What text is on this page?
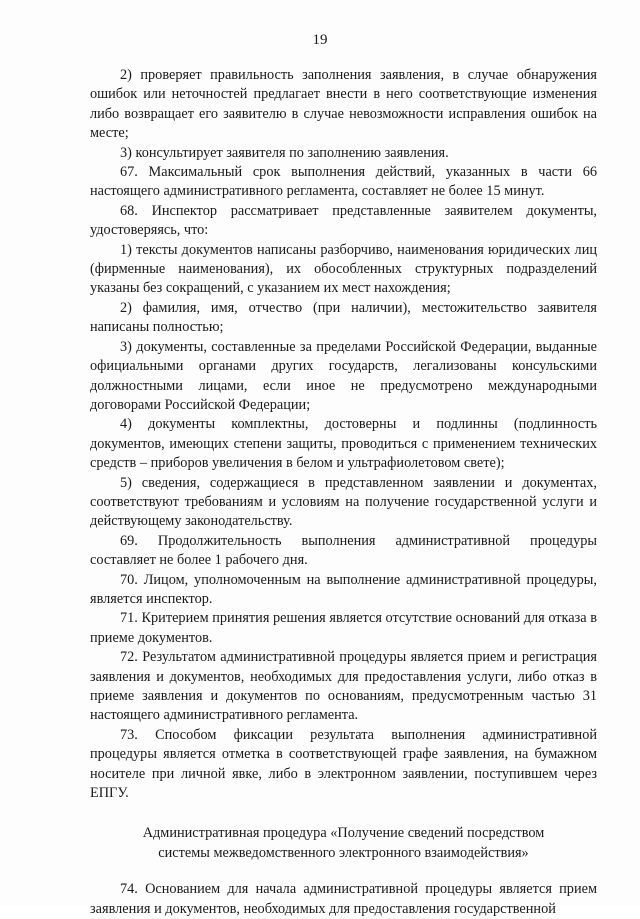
19

2) проверяет правильность заполнения заявления, в случае обнаружения ошибок или неточностей предлагает внести в него соответствующие изменения либо возвращает его заявителю в случае невозможности исправления ошибок на месте;

3) консультирует заявителя по заполнению заявления.

67. Максимальный срок выполнения действий, указанных в части 66 настоящего административного регламента, составляет не более 15 минут.

68. Инспектор рассматривает представленные заявителем документы, удостоверяясь, что:

1) тексты документов написаны разборчиво, наименования юридических лиц (фирменные наименования), их обособленных структурных подразделений указаны без сокращений, с указанием их мест нахождения;

2) фамилия, имя, отчество (при наличии), местожительство заявителя написаны полностью;

3) документы, составленные за пределами Российской Федерации, выданные официальными органами других государств, легализованы консульскими должностными лицами, если иное не предусмотрено международными договорами Российской Федерации;

4) документы комплектны, достоверны и подлинны (подлинность документов, имеющих степени защиты, проводиться с применением технических средств – приборов увеличения в белом и ультрафиолетовом свете);

5) сведения, содержащиеся в представленном заявлении и документах, соответствуют требованиям и условиям на получение государственной услуги и действующему законодательству.

69. Продолжительность выполнения административной процедуры составляет не более 1 рабочего дня.

70. Лицом, уполномоченным на выполнение административной процедуры, является инспектор.

71. Критерием принятия решения является отсутствие оснований для отказа в приеме документов.

72. Результатом административной процедуры является прием и регистрация заявления и документов, необходимых для предоставления услуги, либо отказ в приеме заявления и документов по основаниям, предусмотренным частью 31 настоящего административного регламента.

73. Способом фиксации результата выполнения административной процедуры является отметка в соответствующей графе заявления, на бумажном носителе при личной явке, либо в электронном заявлении, поступившем через ЕПГУ.

Административная процедура «Получение сведений посредством
системы межведомственного электронного взаимодействия»

74. Основанием для начала административной процедуры является прием заявления и документов, необходимых для предоставления государственной
